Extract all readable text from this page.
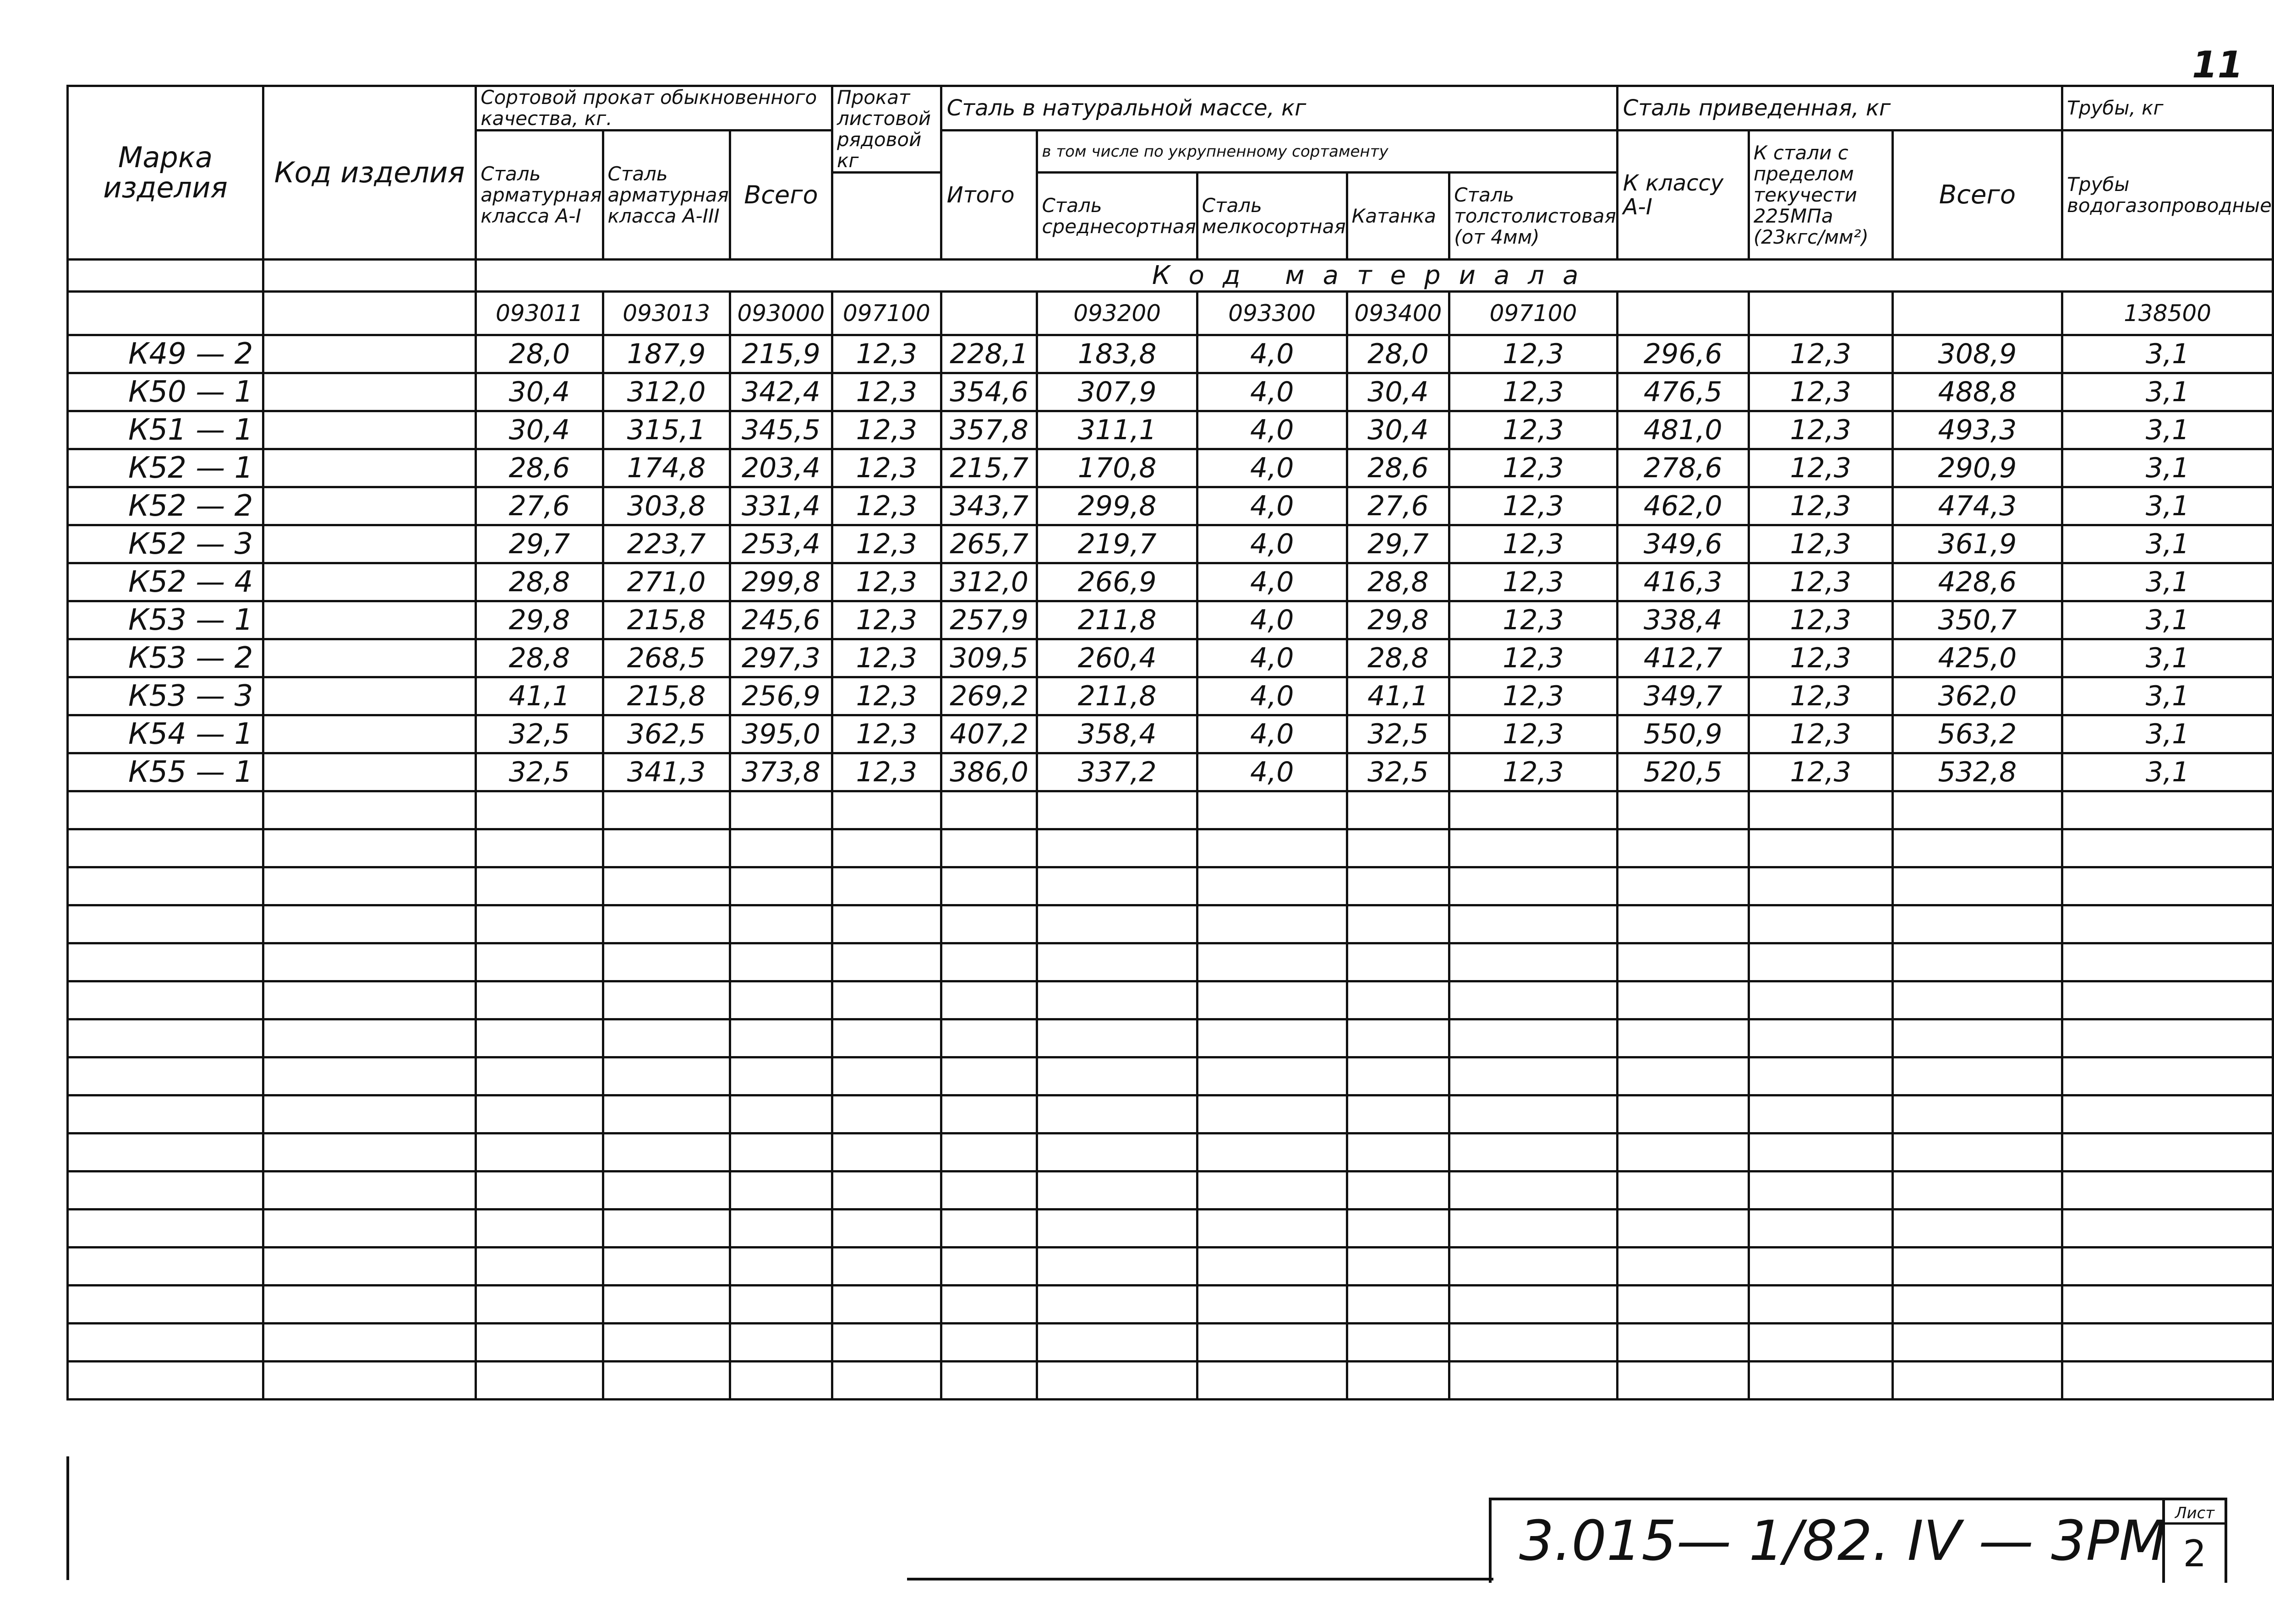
11
Марка изделия	Код изделия	Сортовой прокат обыкновенного качества, кг.			Прокат листовой рядовой кг	Сталь в натуральной массе, кг					Сталь приведенная, кг			Трубы, кг
		Сталь арматурная класса А-I	Сталь арматурная класса А-III	Всего		Итого	в том числе по укрупненному сортаменту				К классу А-I	К стали с пределом текучести 225МПа (23кгс/мм²)	Всего	Трубы водогазопроводные
							Сталь среднесортная	Сталь мелкосортная	Катанка	Сталь толстолистовая (от 4мм)				
		Код материала												
		093011	093013	093000	097100		093200	093300	093400	097100				138500
К49 — 2		28,0	187,9	215,9	12,3	228,1	183,8	4,0	28,0	12,3	296,6	12,3	308,9	3,1
К50 — 1		30,4	312,0	342,4	12,3	354,6	307,9	4,0	30,4	12,3	476,5	12,3	488,8	3,1
К51 — 1		30,4	315,1	345,5	12,3	357,8	311,1	4,0	30,4	12,3	481,0	12,3	493,3	3,1
К52 — 1		28,6	174,8	203,4	12,3	215,7	170,8	4,0	28,6	12,3	278,6	12,3	290,9	3,1
К52 — 2		27,6	303,8	331,4	12,3	343,7	299,8	4,0	27,6	12,3	462,0	12,3	474,3	3,1
К52 — 3		29,7	223,7	253,4	12,3	265,7	219,7	4,0	29,7	12,3	349,6	12,3	361,9	3,1
К52 — 4		28,8	271,0	299,8	12,3	312,0	266,9	4,0	28,8	12,3	416,3	12,3	428,6	3,1
К53 — 1		29,8	215,8	245,6	12,3	257,9	211,8	4,0	29,8	12,3	338,4	12,3	350,7	3,1
К53 — 2		28,8	268,5	297,3	12,3	309,5	260,4	4,0	28,8	12,3	412,7	12,3	425,0	3,1
К53 — 3		41,1	215,8	256,9	12,3	269,2	211,8	4,0	41,1	12,3	349,7	12,3	362,0	3,1
К54 — 1		32,5	362,5	395,0	12,3	407,2	358,4	4,0	32,5	12,3	550,9	12,3	563,2	3,1
К55 — 1		32,5	341,3	373,8	12,3	386,0	337,2	4,0	32,5	12,3	520,5	12,3	532,8	3,1

3.015— 1/82. IV — 3РМ Лист
2
